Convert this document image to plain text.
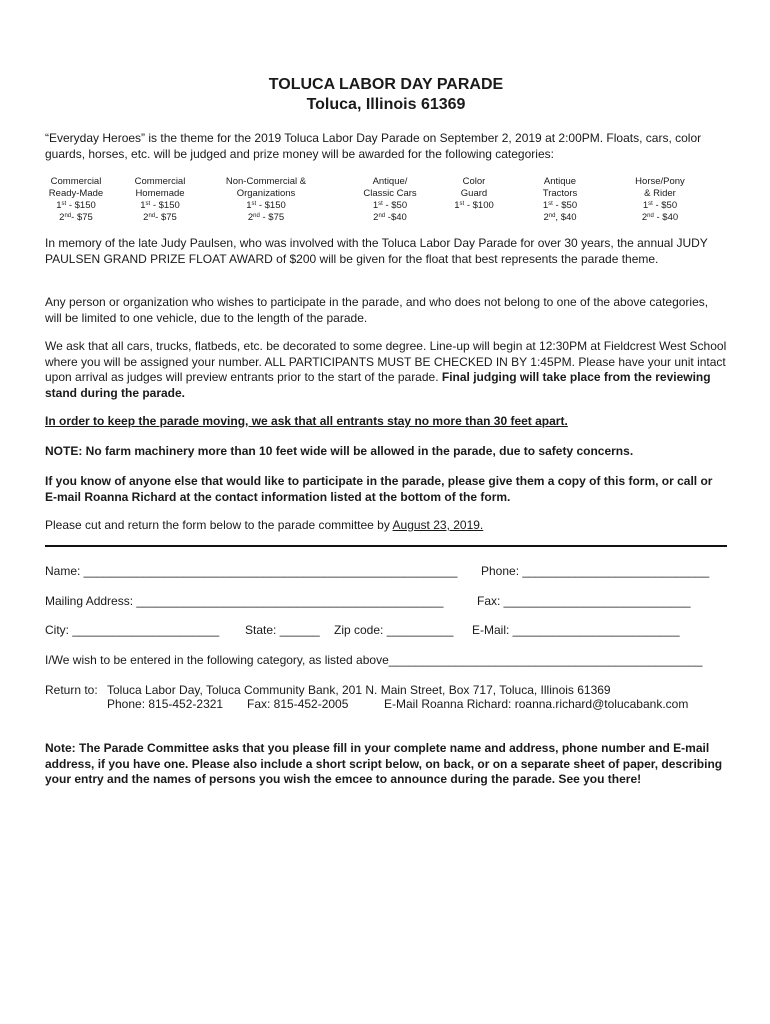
TOLUCA LABOR DAY PARADE
Toluca, Illinois 61369
“Everyday Heroes” is the theme for the 2019 Toluca Labor Day Parade on September 2, 2019 at 2:00PM. Floats, cars, color guards, horses, etc. will be judged and prize money will be awarded for the following categories:
Commercial
Ready-Made
1st - $150
2nd- $75
Commercial
Homemade
1st - $150
2nd- $75
Non-Commercial &
Organizations
1st - $150
2nd - $75
Antique/
Classic Cars
1st - $50
2nd -$40
Color
Guard
1st - $100
Antique
Tractors
1st - $50
2nd, $40
Horse/Pony
& Rider
1st - $50
2nd - $40
In memory of the late Judy Paulsen, who was involved with the Toluca Labor Day Parade for over 30 years, the annual JUDY PAULSEN GRAND PRIZE FLOAT AWARD of $200 will be given for the float that best represents the parade theme.
Any person or organization who wishes to participate in the parade, and who does not belong to one of the above categories, will be limited to one vehicle, due to the length of the parade.
We ask that all cars, trucks, flatbeds, etc. be decorated to some degree. Line-up will begin at 12:30PM at Fieldcrest West School where you will be assigned your number. ALL PARTICIPANTS MUST BE CHECKED IN BY 1:45PM. Please have your unit intact upon arrival as judges will preview entrants prior to the start of the parade. Final judging will take place from the reviewing stand during the parade.
In order to keep the parade moving, we ask that all entrants stay no more than 30 feet apart.
NOTE: No farm machinery more than 10 feet wide will be allowed in the parade, due to safety concerns.
If you know of anyone else that would like to participate in the parade, please give them a copy of this form, or call or E-mail Roanna Richard at the contact information listed at the bottom of the form.
Please cut and return the form below to the parade committee by August 23, 2019.
Name: ________________________________________________________ Phone: ____________________________
Mailing Address: ______________________________________________	Fax: ____________________________
City: ______________________ State: ______ Zip code: __________ E-Mail: _________________________
I/We wish to be entered in the following category, as listed above_______________________________________________
Return to: Toluca Labor Day, Toluca Community Bank, 201 N. Main Street, Box 717, Toluca, Illinois 61369
Phone: 815-452-2321 Fax: 815-452-2005	E-Mail Roanna Richard: roanna.richard@tolucabank.com
Note: The Parade Committee asks that you please fill in your complete name and address, phone number and E-mail address, if you have one. Please also include a short script below, on back, or on a separate sheet of paper, describing your entry and the names of persons you wish the emcee to announce during the parade. See you there!
